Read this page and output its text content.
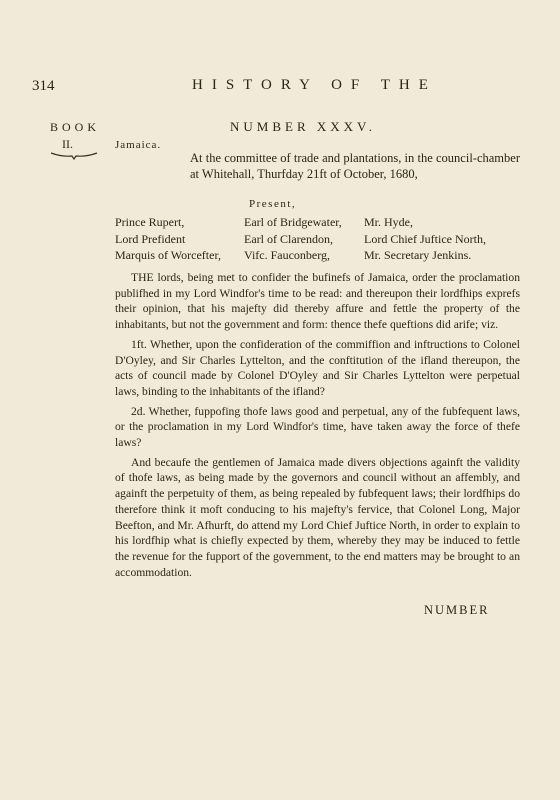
314	HISTORY OF THE
BOOK
II.
NUMBER XXXV.
Jamaica.
At the committee of trade and plantations, in the council-chamber at Whitehall, Thurfday 21ft of October, 1680,
Present,
Prince Rupert,	Earl of Bridgewater,	Mr. Hyde,
Lord Prefident	Earl of Clarendon,	Lord Chief Juftice North,
Marquis of Worcefter,	Vifc. Fauconberg,	Mr. Secretary Jenkins.

THE lords, being met to confider the bufinefs of Jamaica, order the proclamation publifhed in my Lord Windfor's time to be read: and thereupon their lordfhips exprefs their opinion, that his majefty did thereby affure and fettle the property of the inhabitants, but not the government and form: thence thefe queftions did arife; viz.

1ft. Whether, upon the confideration of the commiffion and inftructions to Colonel D'Oyley, and Sir Charles Lyttelton, and the conftitution of the ifland thereupon, the acts of council made by Colonel D'Oyley and Sir Charles Lyttelton were perpetual laws, binding to the inhabitants of the ifland?

2d. Whether, fuppofing thofe laws good and perpetual, any of the fubfequent laws, or the proclamation in my Lord Windfor's time, have taken away the force of thefe laws?

And becaufe the gentlemen of Jamaica made divers objections againft the validity of thofe laws, as being made by the governors and council without an affembly, and againft the perpetuity of them, as being repealed by fubfequent laws; their lordfhips do therefore think it moft conducing to his majefty's fervice, that Colonel Long, Major Beefton, and Mr. Afhurft, do attend my Lord Chief Juftice North, in order to explain to his lordfhip what is chiefly expected by them, whereby they may be induced to fettle the revenue for the fupport of the government, to the end matters may be brought to an accommodation.

NUMBER
